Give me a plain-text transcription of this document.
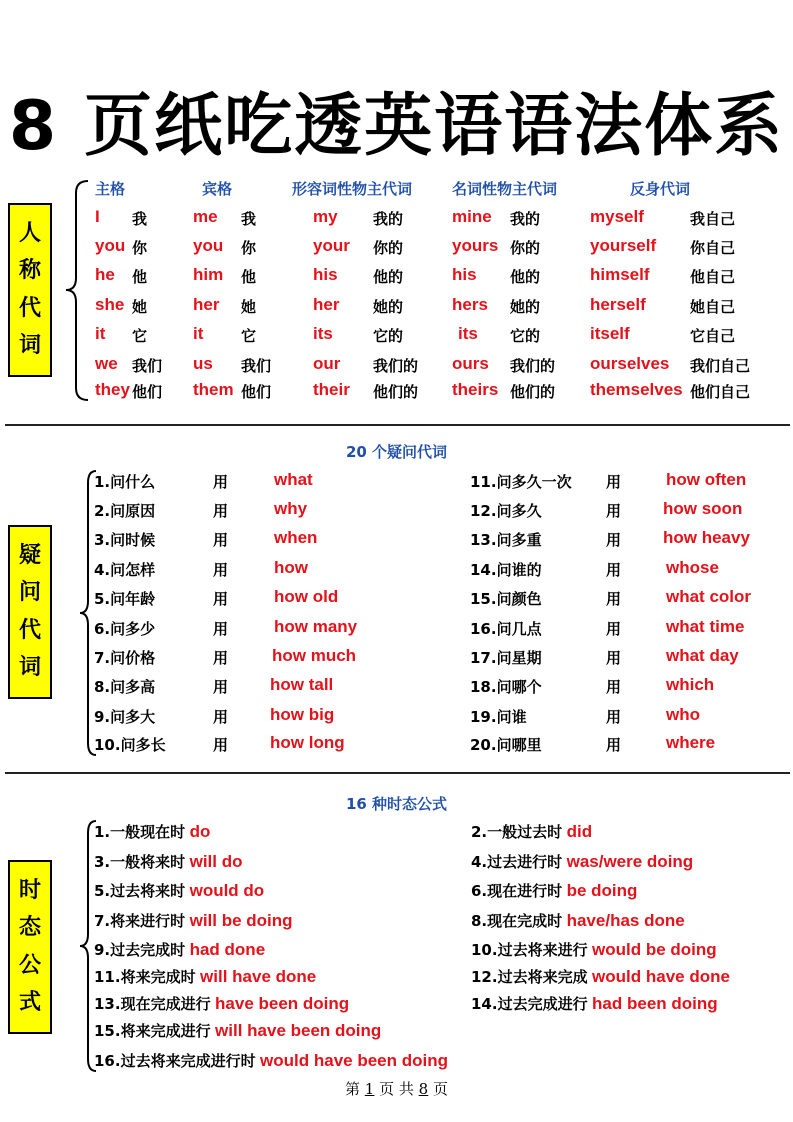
8 页纸吃透英语语法体系
人
称
代
词
主格	宾格	形容词性物主代词	名词性物主代词	反身代词
I 我	me 我	my 我的	mine 我的	myself	我自己
you 你	you 你	your 你的	yours 你的	yourself 你自己
he 他	him 他	his 他的	his 他的	himself	他自己
she 她	her 她	her 她的	hers 她的	herself	她自己
it 它	it	它	its	它的	its 它的	itself	它自己
we 我们 us 我们 our 我们的 ours 我们的 ourselves 我们自己
they 他们 them 他们 their 他们的 theirs 他们的 themselves 他们自己
20 个疑问代词
疑
问
代
词
1.问什么	用	what
2.问原因	用	why
3.问时候	用	when
4.问怎样	用	how
5.问年龄	用	how old
6.问多少	用	how many
7.问价格	用	how much
8.问多高	用 how tall
9.问多大	用 how big
10.问多长	用 how long
11.问多久一次 用	how often
12.问多久	用 how soon
13.问多重	用 how heavy
14.问谁的	用	whose
15.问颜色	用	what color
16.问几点	用	what time
17.问星期	用	what day
18.问哪个	用	which
19.问谁	用	who
20.问哪里	用	where
16 种时态公式
时
态
公
式
1.一般现在时 do
3.一般将来时 will do
5.过去将来时 would do
7.将来进行时 will be doing
9.过去完成时 had done
11.将来完成时 will have done
13.现在完成进行 have been doing
15.将来完成进行 will have been doing
16.过去将来完成进行时 would have been doing
2.一般过去时 did
4.过去进行时 was/were doing
6.现在进行时 be doing
8.现在完成时 have/has done
10.过去将来进行 would be doing
12.过去将来完成 would have done
14.过去完成进行 had been doing
第 1 页 共 8 页
